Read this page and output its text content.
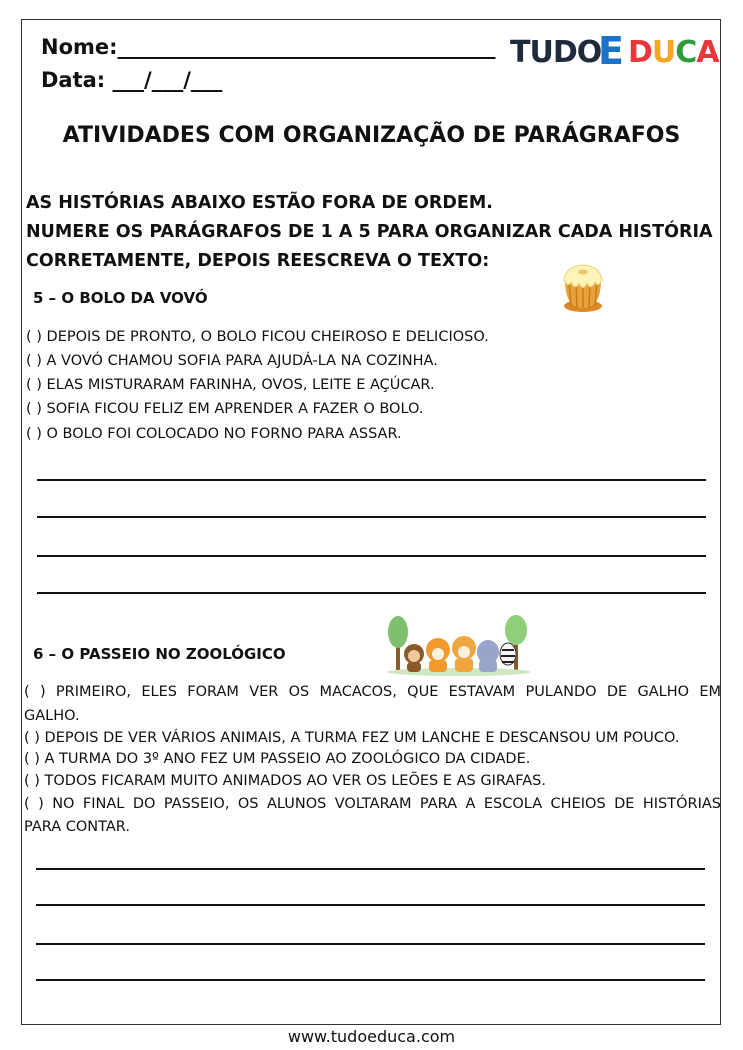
Nome:____________________________________
Data: ___/___/___
TUDO
E DUCA
ATIVIDADES COM ORGANIZAÇÃO DE PARÁGRAFOS
AS HISTÓRIAS ABAIXO ESTÃO FORA DE ORDEM.
NUMERE OS PARÁGRAFOS DE 1 A 5 PARA ORGANIZAR CADA HISTÓRIA
CORRETAMENTE, DEPOIS REESCREVA O TEXTO:
5 – O BOLO DA VOVÓ
( ) DEPOIS DE PRONTO, O BOLO FICOU CHEIROSO E DELICIOSO.
( ) A VOVÓ CHAMOU SOFIA PARA AJUDÁ-LA NA COZINHA.
( ) ELAS MISTURARAM FARINHA, OVOS, LEITE E AÇÚCAR.
( ) SOFIA FICOU FELIZ EM APRENDER A FAZER O BOLO.
( ) O BOLO FOI COLOCADO NO FORNO PARA ASSAR.
6 – O PASSEIO NO ZOOLÓGICO
( ) PRIMEIRO, ELES FORAM VER OS MACACOS, QUE ESTAVAM PULANDO DE GALHO EM
GALHO.
( ) DEPOIS DE VER VÁRIOS ANIMAIS, A TURMA FEZ UM LANCHE E DESCANSOU UM POUCO.
( ) A TURMA DO 3º ANO FEZ UM PASSEIO AO ZOOLÓGICO DA CIDADE.
( ) TODOS FICARAM MUITO ANIMADOS AO VER OS LEÕES E AS GIRAFAS.
( ) NO FINAL DO PASSEIO, OS ALUNOS VOLTARAM PARA A ESCOLA CHEIOS DE HISTÓRIAS
PARA CONTAR.
www.tudoeduca.com
